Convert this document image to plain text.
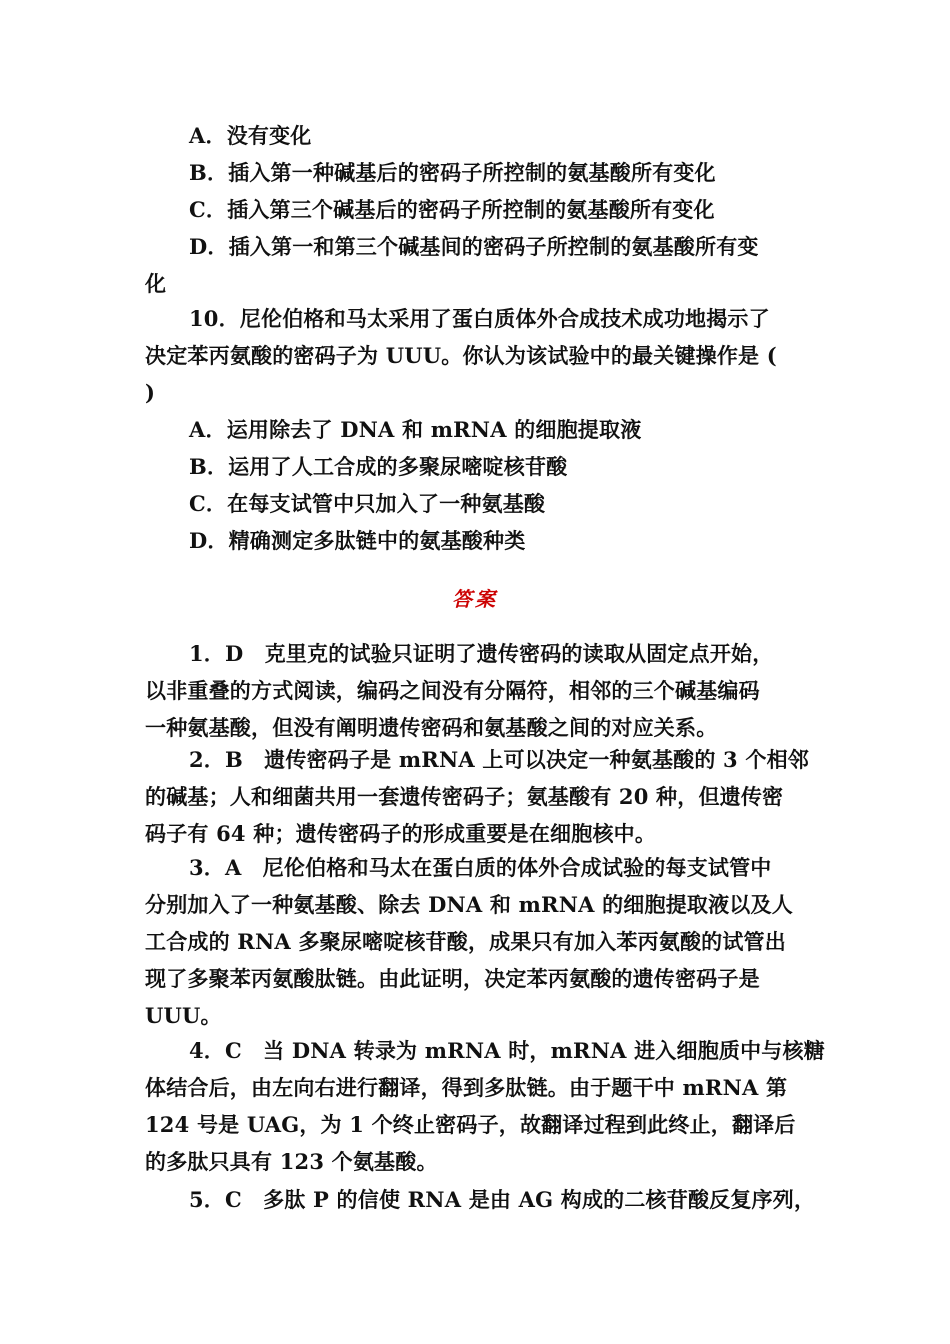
A．没有变化
B．插入第一种碱基后的密码子所控制的氨基酸所有变化
C．插入第三个碱基后的密码子所控制的氨基酸所有变化
D．插入第一和第三个碱基间的密码子所控制的氨基酸所有变
化
10．尼伦伯格和马太采用了蛋白质体外合成技术成功地揭示了
决定苯丙氨酸的密码子为 UUU。你认为该试验中的最关键操作是 (
)
A．运用除去了 DNA 和 mRNA 的细胞提取液
B．运用了人工合成的多聚尿嘧啶核苷酸
C．在每支试管中只加入了一种氨基酸
D．精确测定多肽链中的氨基酸种类
答案
1．D　克里克的试验只证明了遗传密码的读取从固定点开始，
以非重叠的方式阅读，编码之间没有分隔符，相邻的三个碱基编码
一种氨基酸，但没有阐明遗传密码和氨基酸之间的对应关系。
2．B　遗传密码子是 mRNA 上可以决定一种氨基酸的 3 个相邻
的碱基；人和细菌共用一套遗传密码子；氨基酸有 20 种，但遗传密
码子有 64 种；遗传密码子的形成重要是在细胞核中。
3．A　尼伦伯格和马太在蛋白质的体外合成试验的每支试管中
分别加入了一种氨基酸、除去 DNA 和 mRNA 的细胞提取液以及人
工合成的 RNA 多聚尿嘧啶核苷酸，成果只有加入苯丙氨酸的试管出
现了多聚苯丙氨酸肽链。由此证明，决定苯丙氨酸的遗传密码子是
UUU。
4．C　当 DNA 转录为 mRNA 时，mRNA 进入细胞质中与核糖
体结合后，由左向右进行翻译，得到多肽链。由于题干中 mRNA 第
124 号是 UAG，为 1 个终止密码子，故翻译过程到此终止，翻译后
的多肽只具有 123 个氨基酸。
5．C　多肽 P 的信使 RNA 是由 AG 构成的二核苷酸反复序列，
